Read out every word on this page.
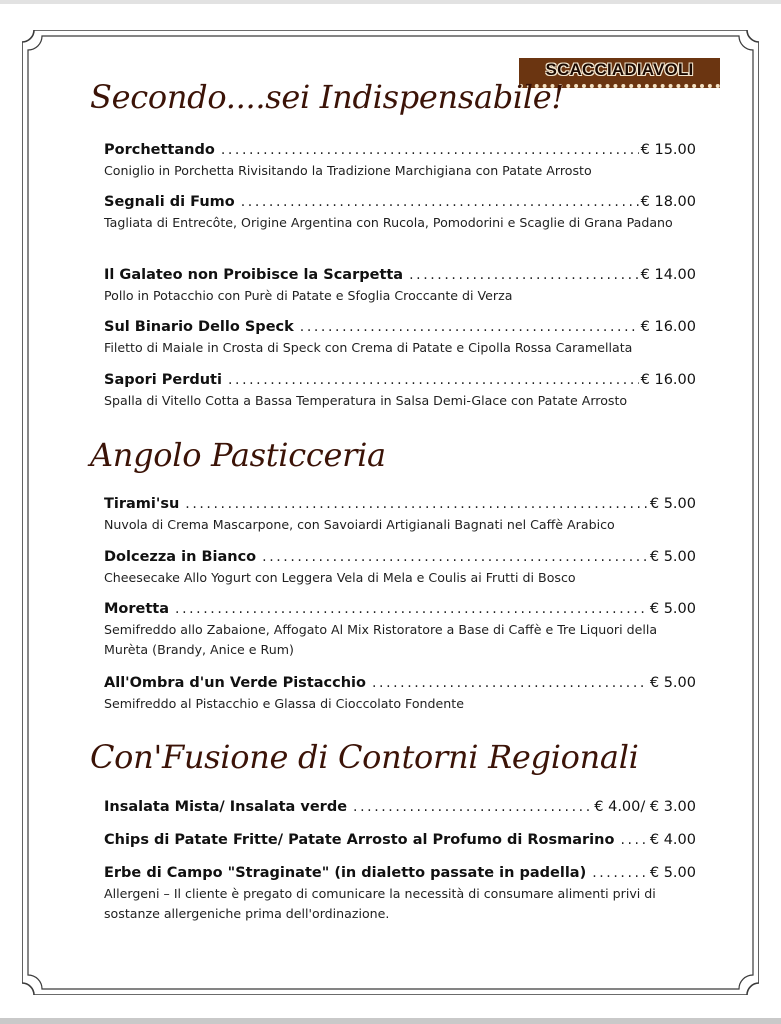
SCACCIADIAVOLI
Secondo....sei Indispensabile!
Porchettando .....	€ 15.00
Coniglio in Porchetta Rivisitando la Tradizione Marchigiana con Patate Arrosto
Segnali di Fumo .....	€ 18.00
Tagliata di Entrecôte, Origine Argentina con Rucola, Pomodorini e Scaglie di Grana Padano
Il Galateo non Proibisce la Scarpetta .....	€ 14.00
Pollo in Potacchio con Purè di Patate e Sfoglia Croccante di Verza
Sul Binario Dello Speck .....	€ 16.00
Filetto di Maiale in Crosta di Speck con Crema di Patate e Cipolla Rossa Caramellata
Sapori Perduti .....	€ 16.00
Spalla di Vitello Cotta a Bassa Temperatura in Salsa Demi-Glace con Patate Arrosto
Angolo Pasticceria
Tirami'su .....	€ 5.00
Nuvola di Crema Mascarpone, con Savoiardi Artigianali Bagnati nel Caffè Arabico
Dolcezza in Bianco .....	€ 5.00
Cheesecake Allo Yogurt con Leggera Vela di Mela e Coulis ai Frutti di Bosco
Moretta .....	€ 5.00
Semifreddo allo Zabaione, Affogato Al Mix Ristoratore a Base di Caffè e Tre Liquori della Murèta (Brandy, Anice e Rum)
All'Ombra d'un Verde Pistacchio .....	€ 5.00
Semifreddo al Pistacchio e Glassa di Cioccolato Fondente
Con'Fusione di Contorni Regionali
Insalata Mista/ Insalata verde .....	€ 4.00/ € 3.00
Chips di Patate Fritte/ Patate Arrosto al Profumo di Rosmarino .....	€ 4.00
Erbe di Campo "Straginate" (in dialetto passate in padella) .....	€ 5.00
Allergeni – Il cliente è pregato di comunicare la necessità di consumare alimenti privi di sostanze allergeniche prima dell'ordinazione.
